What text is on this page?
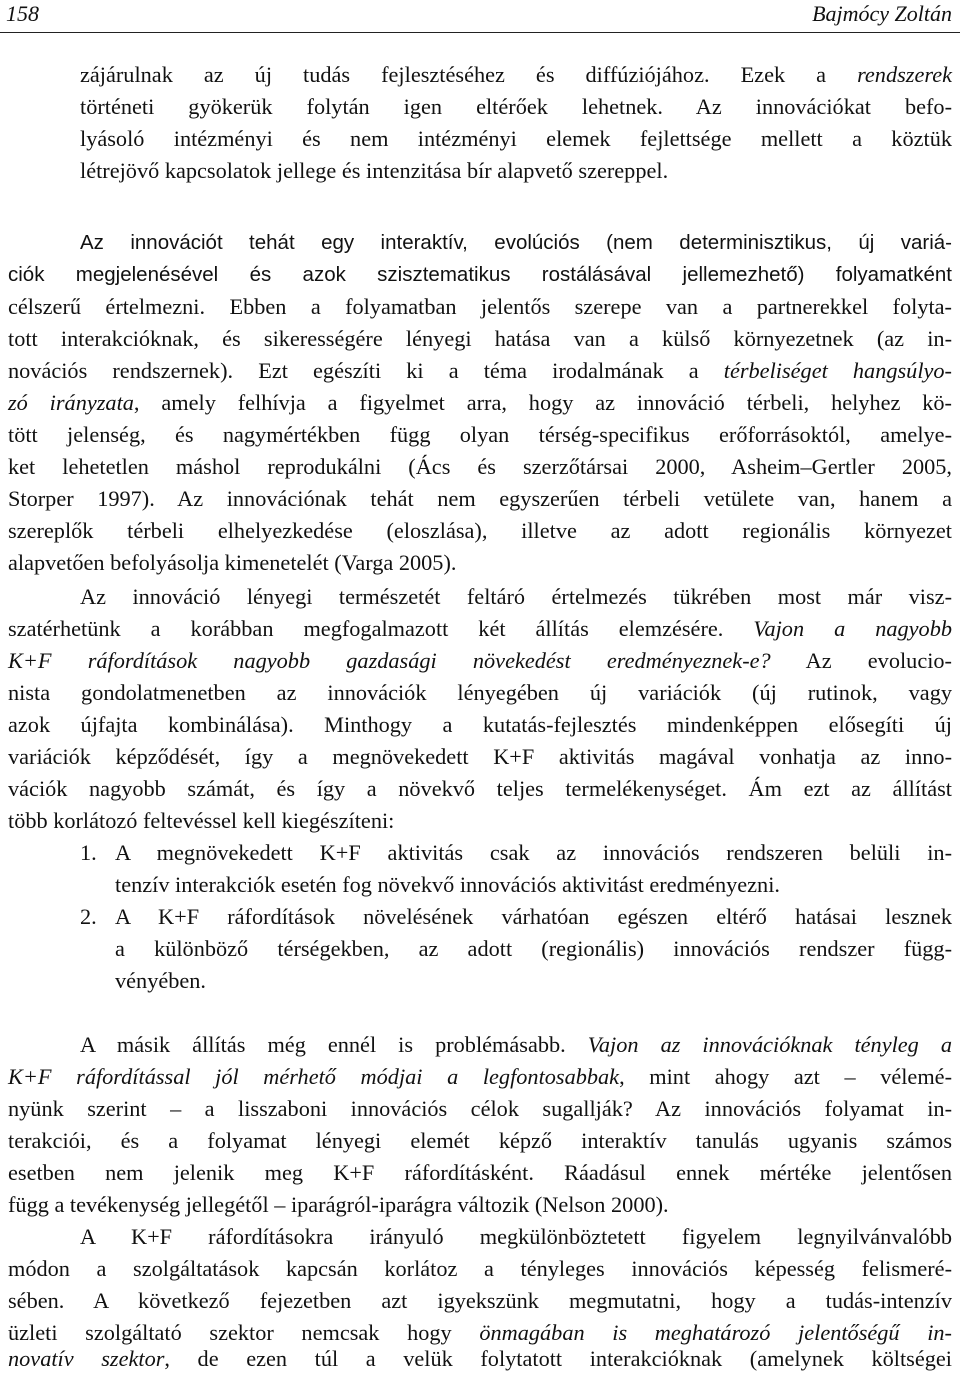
158	Bajmócy Zoltán
zájárulnak az új tudás fejlesztéséhez és diffúziójához. Ezek a rendszerek
történeti gyökerük folytán igen eltérőek lehetnek. Az innovációkat befo-
lyásoló intézményi és nem intézményi elemek fejlettsége mellett a köztük
létrejövő kapcsolatok jellege és intenzitása bír alapvető szereppel.
Az innovációt tehát egy interaktív, evolúciós (nem determinisztikus, új variá-
ciók megjelenésével és azok szisztematikus rostálásával jellemezhető) folyamatként
célszerű értelmezni. Ebben a folyamatban jelentős szerepe van a partnerekkel folyta-
tott interakcióknak, és sikerességére lényegi hatása van a külső környezetnek (az in-
novációs rendszernek). Ezt egészíti ki a téma irodalmának a térbeliséget hangsúlyo-
zó irányzata, amely felhívja a figyelmet arra, hogy az innováció térbeli, helyhez kö-
tött jelenség, és nagymértékben függ olyan térség-specifikus erőforrásoktól, amelye-
ket lehetetlen máshol reprodukálni (Ács és szerzőtársai 2000, Asheim–Gertler 2005,
Storper 1997). Az innovációnak tehát nem egyszerűen térbeli vetülete van, hanem a
szereplők térbeli elhelyezkedése (eloszlása), illetve az adott regionális környezet
alapvetően befolyásolja kimenetelét (Varga 2005).
Az innováció lényegi természetét feltáró értelmezés tükrében most már visz-
szatérhetünk a korábban megfogalmazott két állítás elemzésére. Vajon a nagyobb
K+F ráfordítások nagyobb gazdasági növekedést eredményeznek-e? Az evolucio-
nista gondolatmenetben az innovációk lényegében új variációk (új rutinok, vagy
azok újfajta kombinálása). Minthogy a kutatás-fejlesztés mindenképpen elősegíti új
variációk képződését, így a megnövekedett K+F aktivitás magával vonhatja az inno-
vációk nagyobb számát, és így a növekvő teljes termelékenységet. Ám ezt az állítást
több korlátozó feltevéssel kell kiegészíteni:
1. A megnövekedett K+F aktivitás csak az innovációs rendszeren belüli in-
tenzív interakciók esetén fog növekvő innovációs aktivitást eredményezni.
2. A K+F ráfordítások növelésének várhatóan egészen eltérő hatásai lesznek
a különböző térségekben, az adott (regionális) innovációs rendszer függ-
vényében.
A másik állítás még ennél is problémásabb. Vajon az innovációknak tényleg a
K+F ráfordítással jól mérhető módjai a legfontosabbak, mint ahogy azt – vélemé-
nyünk szerint – a lisszaboni innovációs célok sugallják? Az innovációs folyamat in-
terakciói, és a folyamat lényegi elemét képző interaktív tanulás ugyanis számos
esetben nem jelenik meg K+F ráfordításként. Ráadásul ennek mértéke jelentősen
függ a tevékenység jellegétől – iparágról-iparágra változik (Nelson 2000).
A K+F ráfordításokra irányuló megkülönböztetett figyelem legnyilvánvalóbb
módon a szolgáltatások kapcsán korlátoz a tényleges innovációs képesség felismeré-
sében. A következő fejezetben azt igyekszünk megmutatni, hogy a tudás-intenzív
üzleti szolgáltató szektor nemcsak hogy önmagában is meghatározó jelentőségű in-
novatív szektor, de ezen túl a velük folytatott interakcióknak (amelynek költségei
